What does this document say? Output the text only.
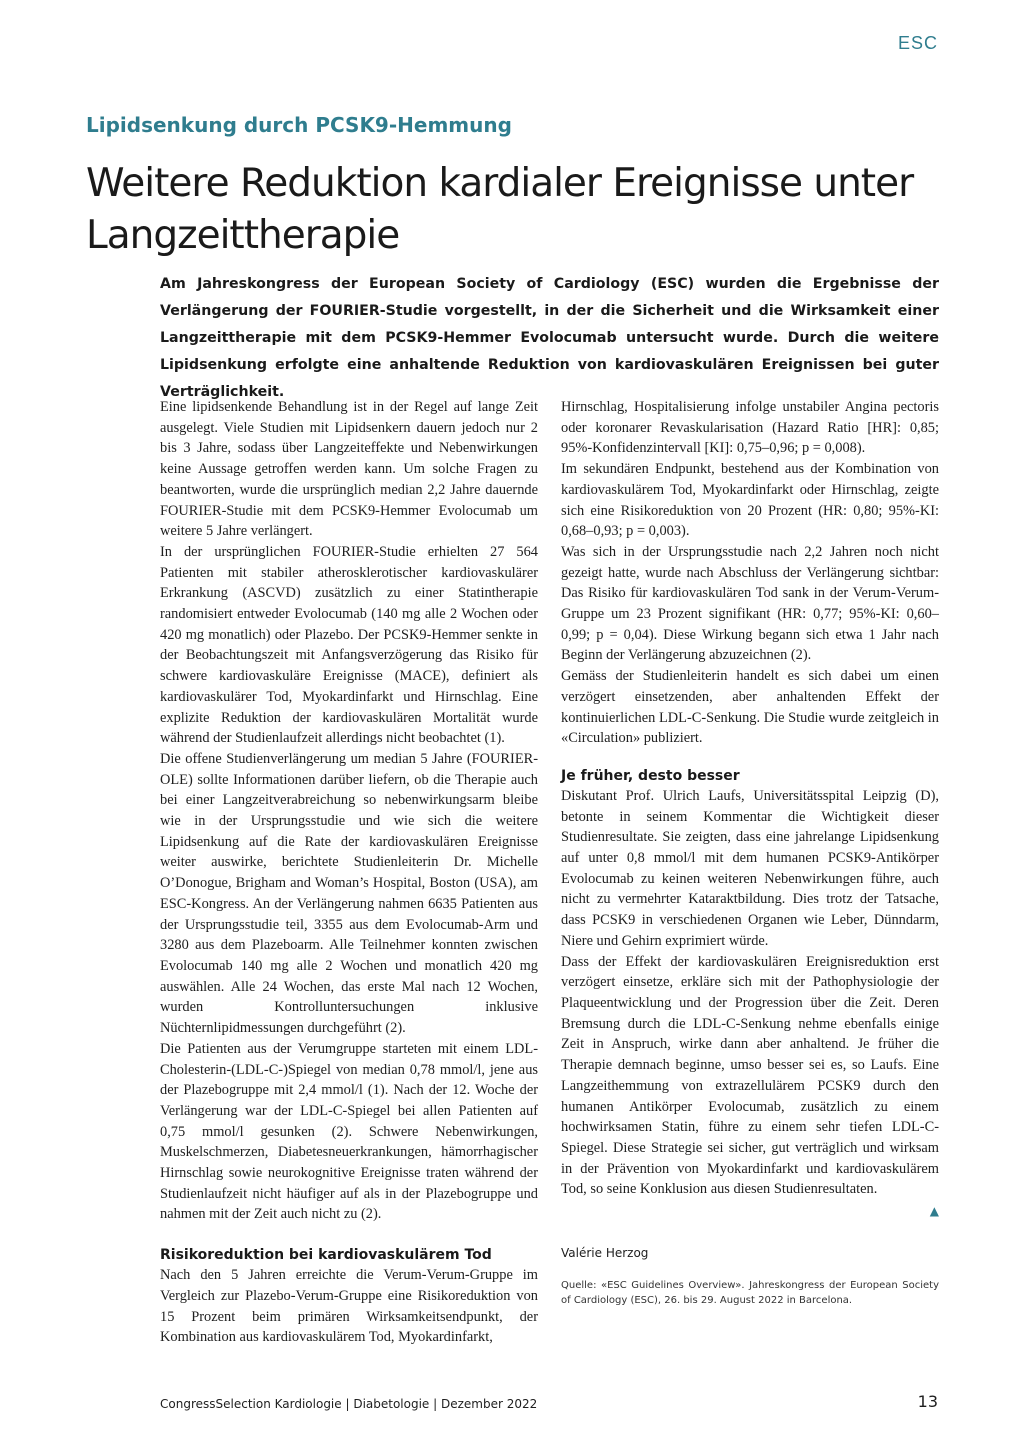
ESC
Lipidsenkung durch PCSK9-Hemmung
Weitere Reduktion kardialer Ereignisse unter Langzeittherapie

Am Jahreskongress der European Society of Cardiology (ESC) wurden die Ergebnisse der Verlängerung der FOURIER-Studie vorgestellt, in der die Sicherheit und die Wirksamkeit einer Langzeittherapie mit dem PCSK9-Hemmer Evolocumab untersucht wurde. Durch die weitere Lipidsenkung erfolgte eine anhaltende Reduktion von kardiovaskulären Ereignissen bei guter Verträglichkeit.

Eine lipidsenkende Behandlung ist in der Regel auf lange Zeit ausgelegt. Viele Studien mit Lipidsenkern dauern jedoch nur 2 bis 3 Jahre, sodass über Langzeiteffekte und Nebenwirkungen keine Aussage getroffen werden kann. Um solche Fragen zu beantworten, wurde die ursprünglich median 2,2 Jahre dauernde FOURIER-Studie mit dem PCSK9-Hemmer Evolocumab um weitere 5 Jahre verlängert.

In der ursprünglichen FOURIER-Studie erhielten 27 564 Patienten mit stabiler atherosklerotischer kardiovaskulärer Erkrankung (ASCVD) zusätzlich zu einer Statintherapie randomisiert entweder Evolocumab (140 mg alle 2 Wochen oder 420 mg monatlich) oder Plazebo. Der PCSK9-Hemmer senkte in der Beobachtungszeit mit Anfangsverzögerung das Risiko für schwere kardiovaskuläre Ereignisse (MACE), definiert als kardiovaskulärer Tod, Myokardinfarkt und Hirnschlag. Eine explizite Reduktion der kardiovaskulären Mortalität wurde während der Studienlaufzeit allerdings nicht beobachtet (1).

Die offene Studienverlängerung um median 5 Jahre (FOURIER-OLE) sollte Informationen darüber liefern, ob die Therapie auch bei einer Langzeitverabreichung so nebenwirkungsarm bleibe wie in der Ursprungsstudie und wie sich die weitere Lipidsenkung auf die Rate der kardiovaskulären Ereignisse weiter auswirke, berichtete Studienleiterin Dr. Michelle O’Donogue, Brigham and Woman’s Hospital, Boston (USA), am ESC-Kongress. An der Verlängerung nahmen 6635 Patienten aus der Ursprungsstudie teil, 3355 aus dem Evolocumab-Arm und 3280 aus dem Plazeboarm. Alle Teilnehmer konnten zwischen Evolocumab 140 mg alle 2 Wochen und monatlich 420 mg auswählen. Alle 24 Wochen, das erste Mal nach 12 Wochen, wurden Kontrolluntersuchungen inklusive Nüchternlipidmessungen durchgeführt (2).

Die Patienten aus der Verumgruppe starteten mit einem LDL-Cholesterin-(LDL-C-)Spiegel von median 0,78 mmol/l, jene aus der Plazebogruppe mit 2,4 mmol/l (1). Nach der 12. Woche der Verlängerung war der LDL-C-Spiegel bei allen Patienten auf 0,75 mmol/l gesunken (2). Schwere Nebenwirkungen, Muskelschmerzen, Diabetesneuerkrankungen, hämorrhagischer Hirnschlag sowie neurokognitive Ereignisse traten während der Studienlaufzeit nicht häufiger auf als in der Plazebogruppe und nahmen mit der Zeit auch nicht zu (2).

Risikoreduktion bei kardiovaskulärem Tod

Nach den 5 Jahren erreichte die Verum-Verum-Gruppe im Vergleich zur Plazebo-Verum-Gruppe eine Risikoreduktion von 15 Prozent beim primären Wirksamkeitsendpunkt, der Kombination aus kardiovaskulärem Tod, Myokardinfarkt,

Hirnschlag, Hospitalisierung infolge unstabiler Angina pectoris oder koronarer Revaskularisation (Hazard Ratio [HR]: 0,85; 95%-Konfidenzintervall [KI]: 0,75–0,96; p = 0,008).

Im sekundären Endpunkt, bestehend aus der Kombination von kardiovaskulärem Tod, Myokardinfarkt oder Hirnschlag, zeigte sich eine Risikoreduktion von 20 Prozent (HR: 0,80; 95%-KI: 0,68–0,93; p = 0,003).

Was sich in der Ursprungsstudie nach 2,2 Jahren noch nicht gezeigt hatte, wurde nach Abschluss der Verlängerung sichtbar: Das Risiko für kardiovaskulären Tod sank in der Verum-Verum-Gruppe um 23 Prozent signifikant (HR: 0,77; 95%-KI: 0,60–0,99; p = 0,04). Diese Wirkung begann sich etwa 1 Jahr nach Beginn der Verlängerung abzuzeichnen (2).

Gemäss der Studienleiterin handelt es sich dabei um einen verzögert einsetzenden, aber anhaltenden Effekt der kontinuierlichen LDL-C-Senkung. Die Studie wurde zeitgleich in «Circulation» publiziert.

Je früher, desto besser

Diskutant Prof. Ulrich Laufs, Universitätsspital Leipzig (D), betonte in seinem Kommentar die Wichtigkeit dieser Studienresultate. Sie zeigten, dass eine jahrelange Lipidsenkung auf unter 0,8 mmol/l mit dem humanen PCSK9-Antikörper Evolocumab zu keinen weiteren Nebenwirkungen führe, auch nicht zu vermehrter Kataraktbildung. Dies trotz der Tatsache, dass PCSK9 in verschiedenen Organen wie Leber, Dünndarm, Niere und Gehirn exprimiert würde.

Dass der Effekt der kardiovaskulären Ereignisreduktion erst verzögert einsetze, erkläre sich mit der Pathophysiologie der Plaqueentwicklung und der Progression über die Zeit. Deren Bremsung durch die LDL-C-Senkung nehme ebenfalls einige Zeit in Anspruch, wirke dann aber anhaltend. Je früher die Therapie demnach beginne, umso besser sei es, so Laufs. Eine Langzeithemmung von extrazellulärem PCSK9 durch den humanen Antikörper Evolocumab, zusätzlich zu einem hochwirksamen Statin, führe zu einem sehr tiefen LDL-C-Spiegel. Diese Strategie sei sicher, gut verträglich und wirksam in der Prävention von Myokardinfarkt und kardiovaskulärem Tod, so seine Konklusion aus diesen Studienresultaten.

▲
Valérie Herzog
Quelle: «ESC Guidelines Overview». Jahreskongress der European Society of Cardiology (ESC), 26. bis 29. August 2022 in Barcelona.
CongressSelection Kardiologie | Diabetologie | Dezember 2022	13
